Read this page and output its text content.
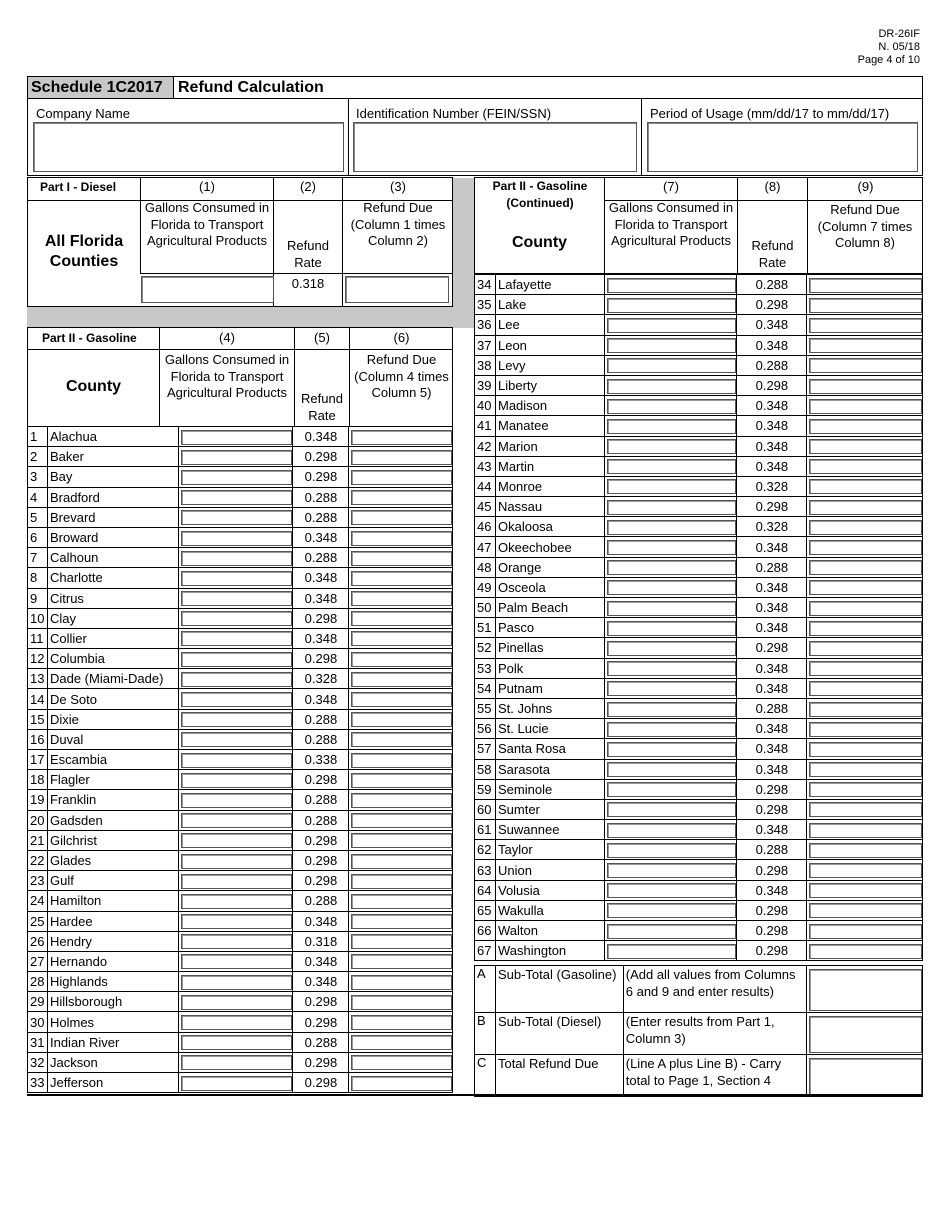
DR-26IF
N. 05/18
Page 4 of 10
Schedule 1C2017 Refund Calculation
Company Name	Identification Number (FEIN/SSN)	Period of Usage (mm/dd/17 to mm/dd/17)
Part I - Diesel	(1)	(2)	(3)
All Florida Counties
Gallons Consumed in Florida to Transport Agricultural Products	Refund Rate
Refund Due (Column 1 times Column 2)
0.318
Part II - Gasoline	(4)	(5)	(6)
County
Gallons Consumed in Florida to Transport Agricultural Products	Refund Rate
Refund Due (Column 4 times Column 5)
1	Alachua		0.348	

2	Baker		0.298	

3	Bay		0.298	

4	Bradford		0.288	

5	Brevard		0.288	

6	Broward		0.348	

7	Calhoun		0.288	

8	Charlotte		0.348	

9	Citrus		0.348	

10	Clay		0.298	

11	Collier		0.348	

12	Columbia		0.298	

13	Dade (Miami-Dade)		0.328	

14	De Soto		0.348	

15	Dixie		0.288	

16	Duval		0.288	

17	Escambia		0.338	

18	Flagler		0.298	

19	Franklin		0.288	

20	Gadsden		0.288	

21	Gilchrist		0.298	

22	Glades		0.298	

23	Gulf		0.298	

24	Hamilton		0.288	

25	Hardee		0.348	

26	Hendry		0.318	

27	Hernando		0.348	

28	Highlands		0.348	

29	Hillsborough		0.298	

30	Holmes		0.298	

31	Indian River		0.288	

32	Jackson		0.298	

33	Jefferson		0.298	
Part II - Gasoline (Continued)
(7)	(8)	(9)
County
Gallons Consumed in Florida to Transport Agricultural Products	Refund Rate
Refund Due (Column 7 times Column 8)
34	Lafayette		0.288	

35	Lake		0.298	

36	Lee		0.348	

37	Leon		0.348	

38	Levy		0.288	

39	Liberty		0.298	

40	Madison		0.348	

41	Manatee		0.348	

42	Marion		0.348	

43	Martin		0.348	

44	Monroe		0.328	

45	Nassau		0.298	

46	Okaloosa		0.328	

47	Okeechobee		0.348	

48	Orange		0.288	

49	Osceola		0.348	

50	Palm Beach		0.348	

51	Pasco		0.348	

52	Pinellas		0.298	

53	Polk		0.348	

54	Putnam		0.348	

55	St. Johns		0.288	

56	St. Lucie		0.348	

57	Santa Rosa		0.348	

58	Sarasota		0.348	

59	Seminole		0.298	

60	Sumter		0.298	

61	Suwannee		0.348	

62	Taylor		0.288	

63	Union		0.298	

64	Volusia		0.348	

65	Wakulla		0.298	

66	Walton		0.298	

67	Washington		0.298	
A	Sub-Total (Gasoline)	(Add all values from Columns 6 and 9 and enter results)	

B	Sub-Total (Diesel)	(Enter results from Part 1, Column 3)	

C	Total Refund Due	(Line A plus Line B) - Carry total to Page 1, Section 4	
